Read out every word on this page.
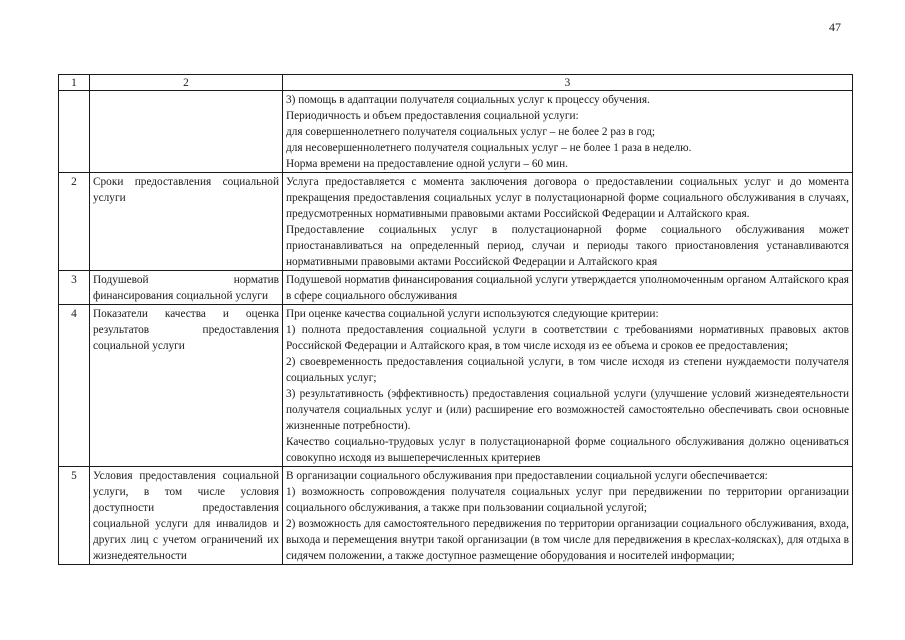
47
1	2	3

		3) помощь в адаптации получателя социальных услуг к процессу обучения.

Периодичность и объем предоставления социальной услуги:

для совершеннолетнего получателя социальных услуг – не более 2 раз в год;

для несовершеннолетнего получателя социальных услуг – не более 1 раза в неделю.

Норма времени на предоставление одной услуги – 60 мин.

2	Сроки предоставления социальной услуги	Услуга предоставляется с момента заключения договора о предоставлении социальных услуг и до момента прекращения предоставления социальных услуг в полустационарной форме социального обслуживания в случаях, предусмотренных нормативными правовыми актами Российской Федерации и Алтайского края.

Предоставление социальных услуг в полустационарной форме социального обслуживания может приостанавливаться на определенный период, случаи и периоды такого приостановления устанавливаются нормативными правовыми актами Российской Федерации и Алтайского края

3	Подушевой норматив финансирования социальной услуги	Подушевой норматив финансирования социальной услуги утверждается уполномоченным органом Алтайского края в сфере социального обслуживания

4	Показатели качества и оценка результатов предоставления социальной услуги	При оценке качества социальной услуги используются следующие критерии:

1) полнота предоставления социальной услуги в соответствии с требованиями нормативных правовых актов Российской Федерации и Алтайского края, в том числе исходя из ее объема и сроков ее предоставления;

2) своевременность предоставления социальной услуги, в том числе исходя из степени нуждаемости получателя социальных услуг;

3) результативность (эффективность) предоставления социальной услуги (улучшение условий жизнедеятельности получателя социальных услуг и (или) расширение его возможностей самостоятельно обеспечивать свои основные жизненные потребности).

Качество социально-трудовых услуг в полустационарной форме социального обслуживания должно оцениваться совокупно исходя из вышеперечисленных критериев

5	Условия предоставления социальной услуги, в том числе условия доступности предоставления социальной услуги для инвалидов и других лиц с учетом ограничений их жизнедеятельности	В организации социального обслуживания при предоставлении социальной услуги обеспечивается:

1) возможность сопровождения получателя социальных услуг при передвижении по территории организации социального обслуживания, а также при пользовании социальной услугой;

2) возможность для самостоятельного передвижения по территории организации социального обслуживания, входа, выхода и перемещения внутри такой организации (в том числе для передвижения в креслах-колясках), для отдыха в сидячем положении, а также доступное размещение оборудования и носителей информации;
